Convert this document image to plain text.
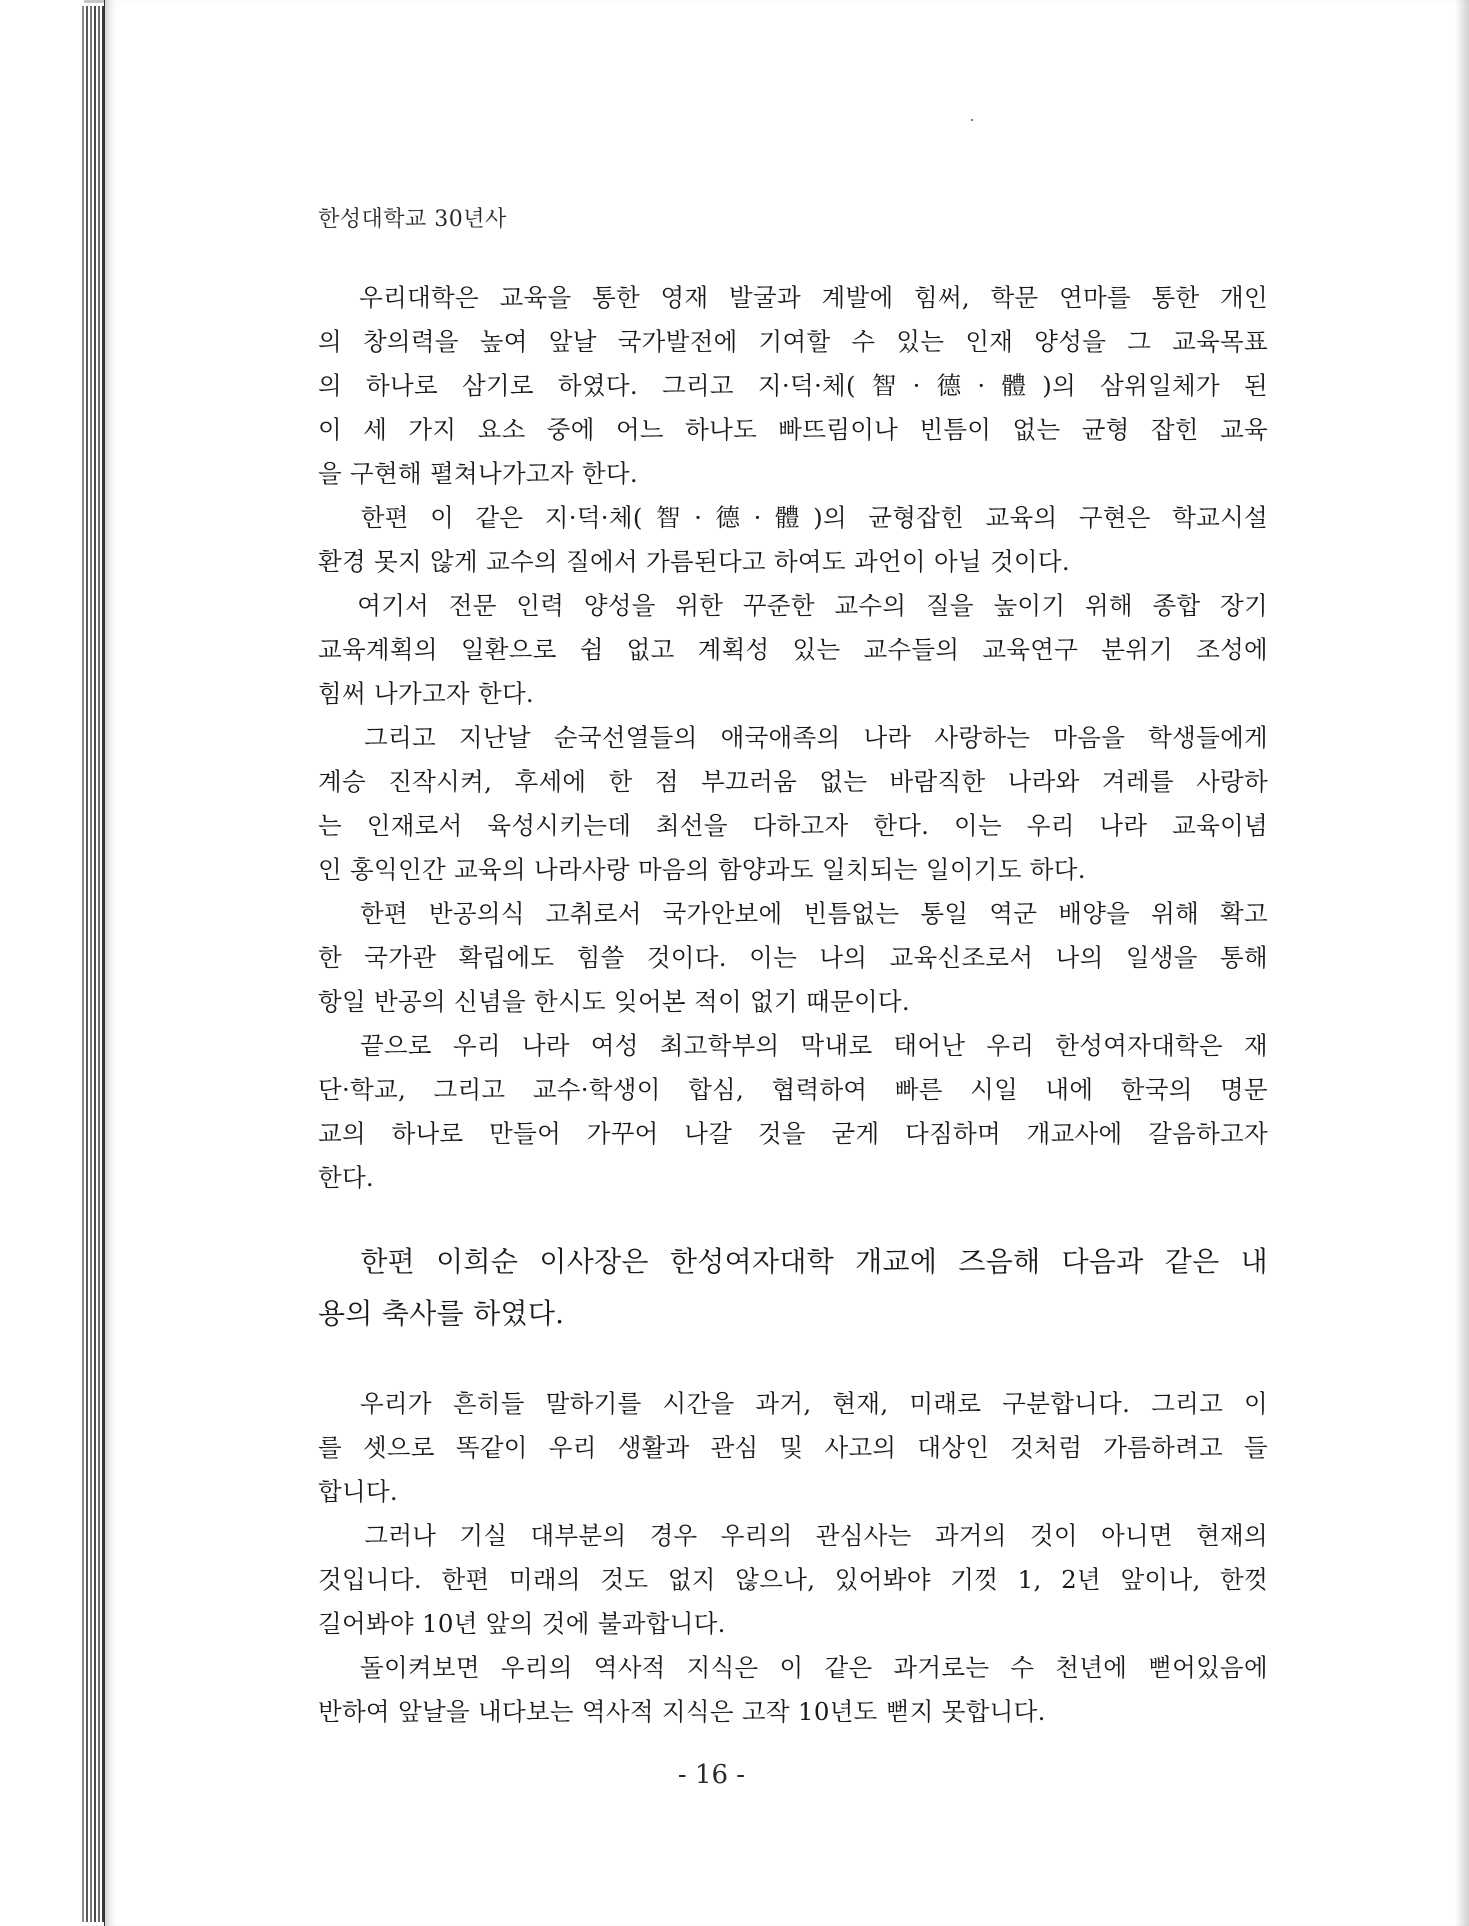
한성대학교 30년사
우리대학은 교육을 통한 영재 발굴과 계발에 힘써, 학문 연마를 통한 개인
의 창의력을 높여 앞날 국가발전에 기여할 수 있는 인재 양성을 그 교육목표
의 하나로 삼기로 하였다. 그리고 지·덕·체(智·德·體)의 삼위일체가 된
이 세 가지 요소 중에 어느 하나도 빠뜨림이나 빈틈이 없는 균형 잡힌 교육
을 구현해 펼쳐나가고자 한다.
한편 이 같은 지·덕·체(智·德·體)의 균형잡힌 교육의 구현은 학교시설
환경 못지 않게 교수의 질에서 가름된다고 하여도 과언이 아닐 것이다.
여기서 전문 인력 양성을 위한 꾸준한 교수의 질을 높이기 위해 종합 장기
교육계획의 일환으로 쉼 없고 계획성 있는 교수들의 교육연구 분위기 조성에
힘써 나가고자 한다.
그리고 지난날 순국선열들의 애국애족의 나라 사랑하는 마음을 학생들에게
계승 진작시켜, 후세에 한 점 부끄러움 없는 바람직한 나라와 겨레를 사랑하
는 인재로서 육성시키는데 최선을 다하고자 한다. 이는 우리 나라 교육이념
인 홍익인간 교육의 나라사랑 마음의 함양과도 일치되는 일이기도 하다.
한편 반공의식 고취로서 국가안보에 빈틈없는 통일 역군 배양을 위해 확고
한 국가관 확립에도 힘쓸 것이다. 이는 나의 교육신조로서 나의 일생을 통해
항일 반공의 신념을 한시도 잊어본 적이 없기 때문이다.
끝으로 우리 나라 여성 최고학부의 막내로 태어난 우리 한성여자대학은 재
단·학교, 그리고 교수·학생이 합심, 협력하여 빠른 시일 내에 한국의 명문
교의 하나로 만들어 가꾸어 나갈 것을 굳게 다짐하며 개교사에 갈음하고자
한다.
한편 이희순 이사장은 한성여자대학 개교에 즈음해 다음과 같은 내
용의 축사를 하였다.
우리가 흔히들 말하기를 시간을 과거, 현재, 미래로 구분합니다. 그리고 이
를 셋으로 똑같이 우리 생활과 관심 및 사고의 대상인 것처럼 가름하려고 들
합니다.
그러나 기실 대부분의 경우 우리의 관심사는 과거의 것이 아니면 현재의
것입니다. 한편 미래의 것도 없지 않으나, 있어봐야 기껏 1, 2년 앞이나, 한껏
길어봐야 10년 앞의 것에 불과합니다.
돌이켜보면 우리의 역사적 지식은 이 같은 과거로는 수 천년에 뻗어있음에
반하여 앞날을 내다보는 역사적 지식은 고작 10년도 뻗지 못합니다.
- 16 -
